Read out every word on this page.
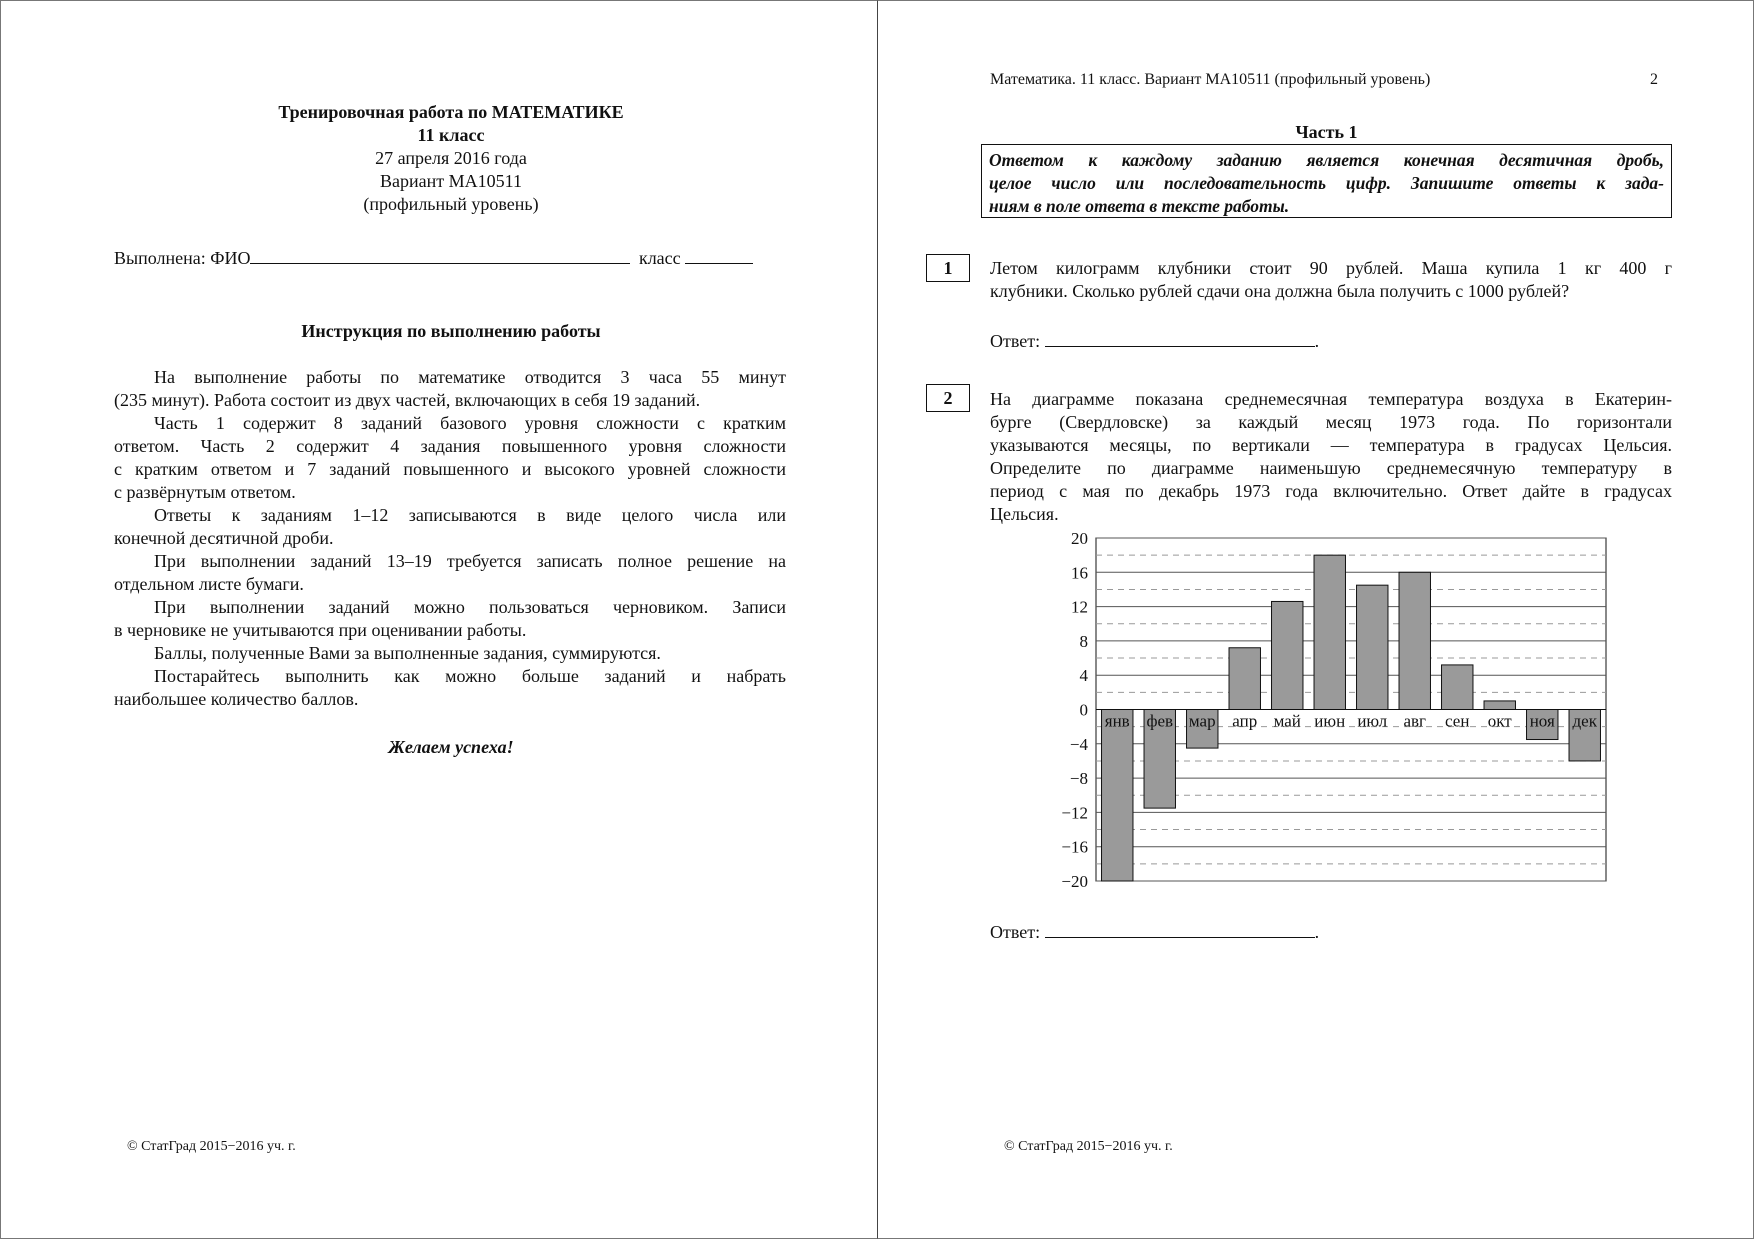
Тренировочная работа по МАТЕМАТИКЕ
11 класс
27 апреля 2016 года
Вариант МА10511
(профильный уровень)
Выполнена: ФИО	класс
Инструкция по выполнению работы

На выполнение работы по математике отводится 3 часа 55 минут

(235 минут). Работа состоит из двух частей, включающих в себя 19 заданий.

Часть 1 содержит 8 заданий базового уровня сложности с кратким

ответом. Часть 2 содержит 4 задания повышенного уровня сложности

с кратким ответом и 7 заданий повышенного и высокого уровней сложности

с развёрнутым ответом.

Ответы к заданиям 1–12 записываются в виде целого числа или

конечной десятичной дроби.

При выполнении заданий 13–19 требуется записать полное решение на

отдельном листе бумаги.

При выполнении заданий можно пользоваться черновиком. Записи

в черновике не учитываются при оценивании работы.

Баллы, полученные Вами за выполненные задания, суммируются.

Постарайтесь выполнить как можно больше заданий и набрать

наибольшее количество баллов.

Желаем успеха!
© СтатГрад 2015−2016 уч. г.
Математика. 11 класс. Вариант МА10511 (профильный уровень)	2
Часть 1
Ответом к каждому заданию является конечная десятичная дробь,
целое число или последовательность цифр. Запишите ответы к зада-
ниям в поле ответа в тексте работы.
1	Летом килограмм клубники стоит 90 рублей. Маша купила 1 кг 400 г

клубники. Сколько рублей сдачи она должна была получить с 1000 рублей?

Ответ:	.
2	На диаграмме показана среднемесячная температура воздуха в Екатерин-

бурге (Свердловске) за каждый месяц 1973 года. По горизонтали

указываются месяцы, по вертикали — температура в градусах Цельсия.

Определите по диаграмме наименьшую среднемесячную температуру в

период с мая по декабрь 1973 года включительно. Ответ дайте в градусах

Цельсия.

20
16
12
8
4
0
−4
−8
−12
−16
−20
янв фев мар апр май июн июл авг сен окт ноя дек
Ответ:	.
© СтатГрад 2015−2016 уч. г.
